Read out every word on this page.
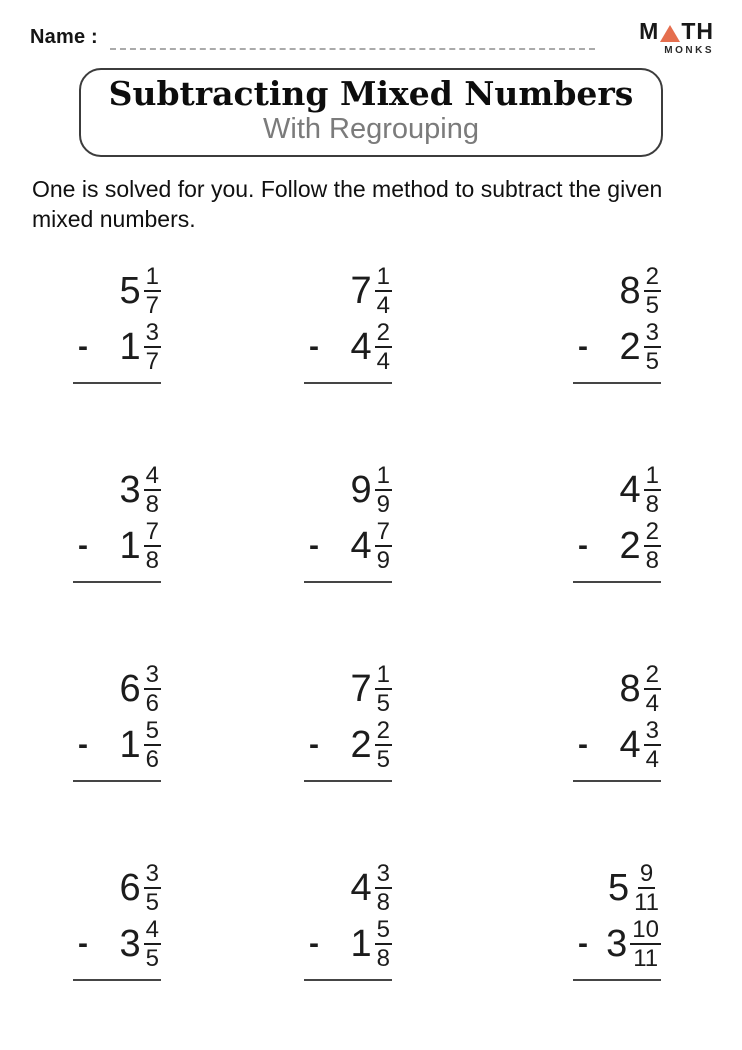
Name :	M TH
MONKS
Subtracting Mixed Numbers
With Regrouping
One is solved for you. Follow the method to subtract the given mixed numbers.
$5 \frac{1}{7}$
- $1 \frac{3}{7}$
$7 \frac{1}{4}$
- $4 \frac{2}{4}$
$8 \frac{2}{5}$
- $2 \frac{3}{5}$
$3 \frac{4}{8}$
- $1 \frac{7}{8}$
$9 \frac{1}{9}$
- $4 \frac{7}{9}$
$4 \frac{1}{8}$
- $2 \frac{2}{8}$
$6 \frac{3}{6}$
- $1 \frac{5}{6}$
$7 \frac{1}{5}$
- $2 \frac{2}{5}$
$8 \frac{2}{4}$
- $4 \frac{3}{4}$
$6 \frac{3}{5}$
- $3 \frac{4}{5}$
$4 \frac{3}{8}$
- $1 \frac{5}{8}$
$5 \frac{9}{11}$
- $3 \frac{10}{11}$
